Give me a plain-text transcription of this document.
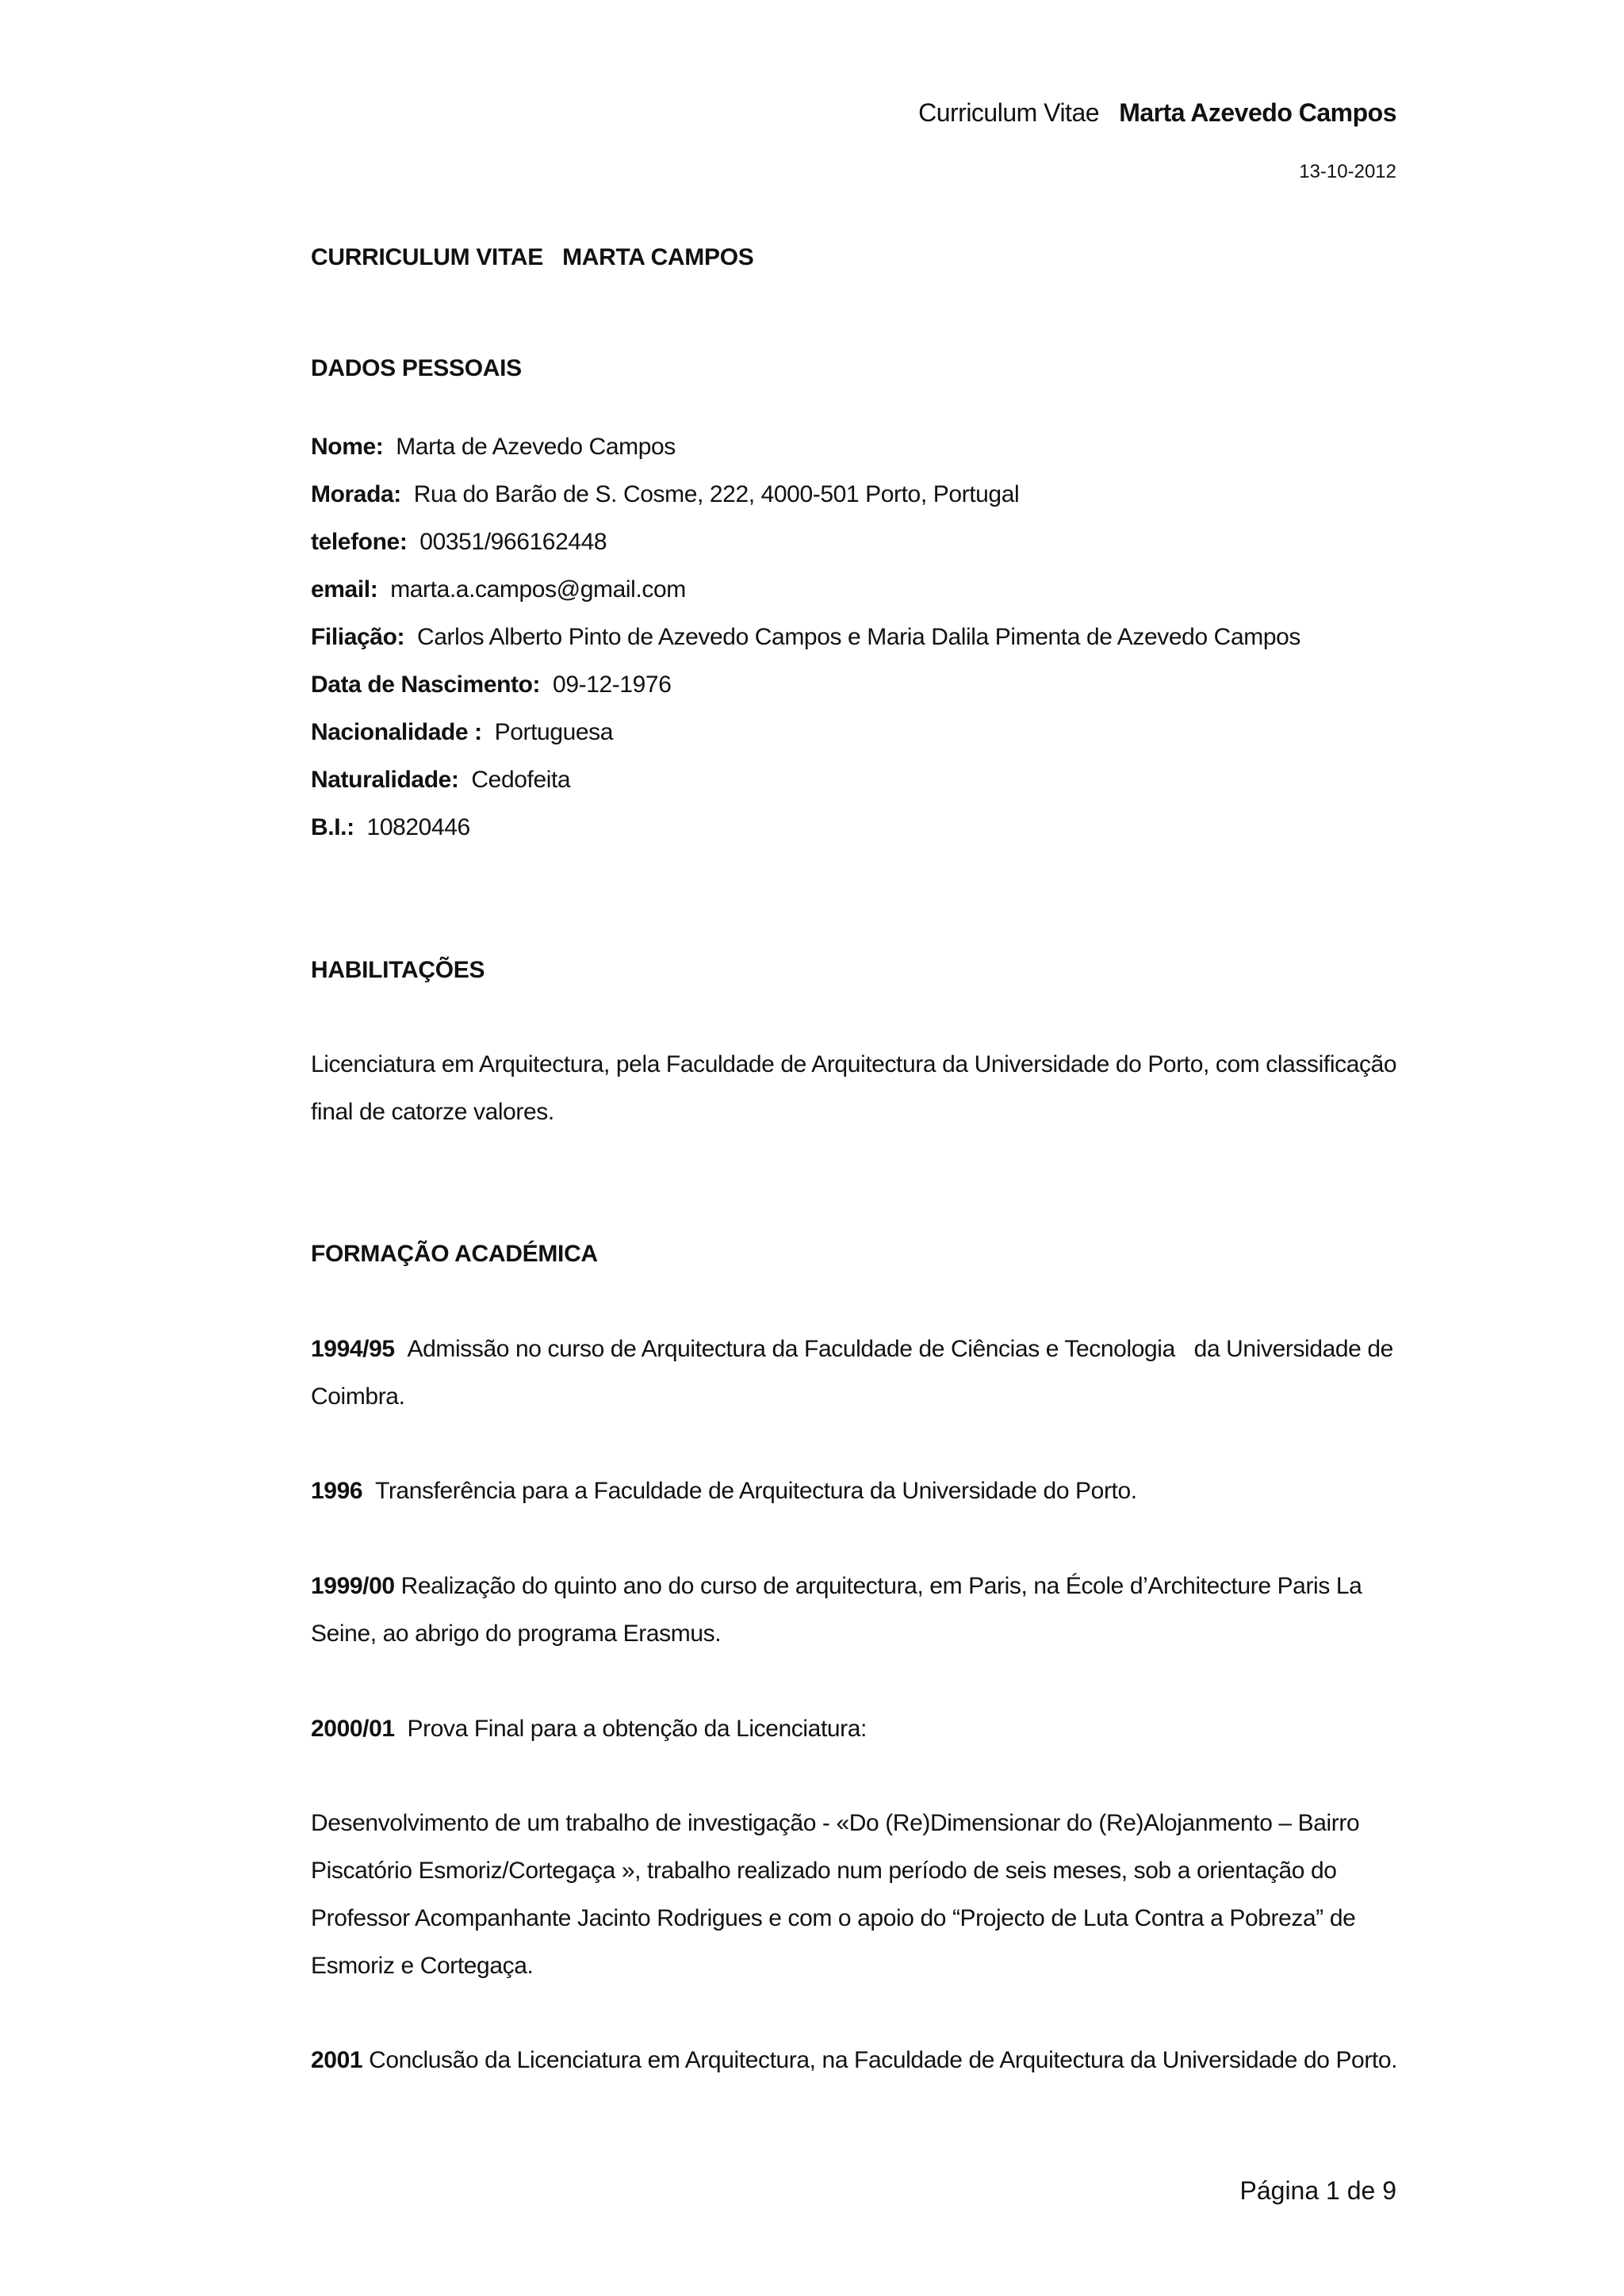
Curriculum Vitae Marta Azevedo Campos
13-10-2012
CURRICULUM VITAE   MARTA CAMPOS
DADOS PESSOAIS
Nome: Marta de Azevedo Campos
Morada: Rua do Barão de S. Cosme, 222, 4000-501 Porto, Portugal
telefone: 00351/966162448
email: marta.a.campos@gmail.com
Filiação: Carlos Alberto Pinto de Azevedo Campos e Maria Dalila Pimenta de Azevedo Campos
Data de Nascimento: 09-12-1976
Nacionalidade : Portuguesa
Naturalidade: Cedofeita
B.I.: 10820446
HABILITAÇÕES
Licenciatura em Arquitectura, pela Faculdade de Arquitectura da Universidade do Porto, com classificação
final de catorze valores.
FORMAÇÃO ACADÉMICA
1994/95 Admissão no curso de Arquitectura da Faculdade de Ciências e Tecnologia   da Universidade de
Coimbra.
1996 Transferência para a Faculdade de Arquitectura da Universidade do Porto.
1999/00 Realização do quinto ano do curso de arquitectura, em Paris, na École d’Architecture Paris La
Seine, ao abrigo do programa Erasmus.
2000/01 Prova Final para a obtenção da Licenciatura:
Desenvolvimento de um trabalho de investigação - «Do (Re)Dimensionar do (Re)Alojanmento – Bairro
Piscatório Esmoriz/Cortegaça », trabalho realizado num período de seis meses, sob a orientação do
Professor Acompanhante Jacinto Rodrigues e com o apoio do “Projecto de Luta Contra a Pobreza” de
Esmoriz e Cortegaça.
2001 Conclusão da Licenciatura em Arquitectura, na Faculdade de Arquitectura da Universidade do Porto.
Página 1 de 9
